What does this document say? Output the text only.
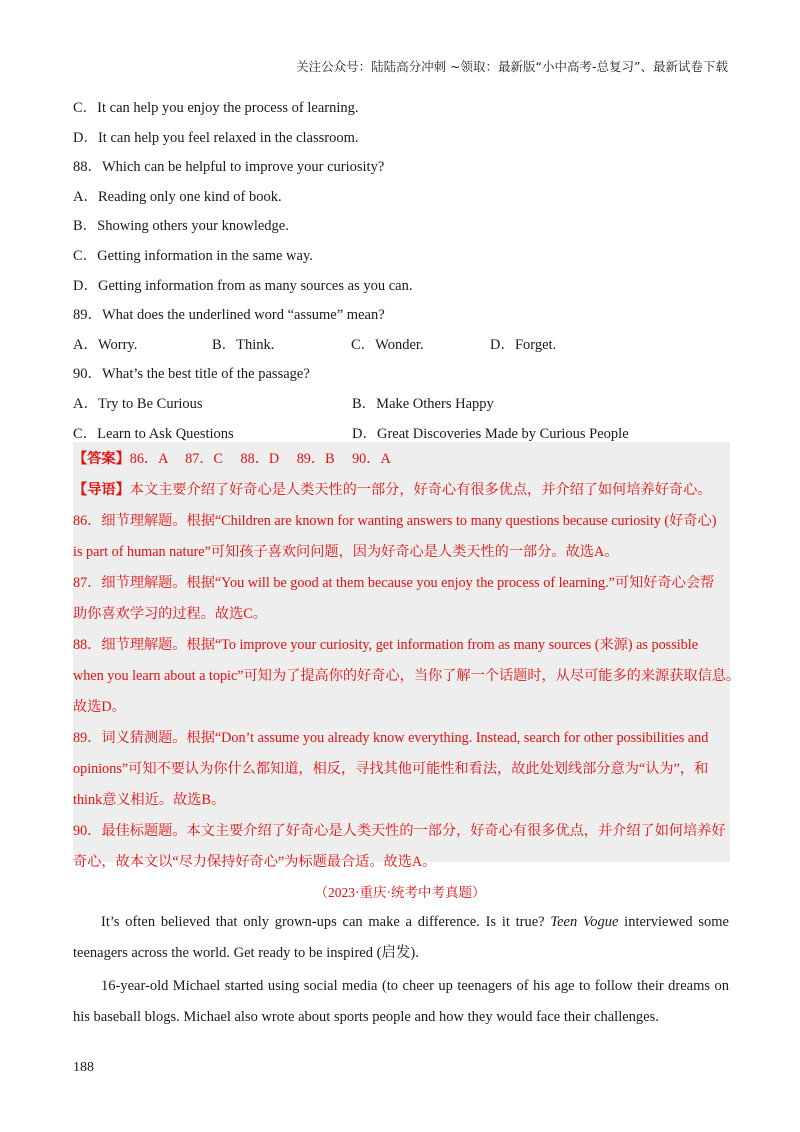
关注公众号：陆陆高分冲刺 ~领取：最新版“小中高考-总复习”、最新试卷下载
C．It can help you enjoy the process of learning.
D．It can help you feel relaxed in the classroom.
88．Which can be helpful to improve your curiosity?
A．Reading only one kind of book.
B．Showing others your knowledge.
C．Getting information in the same way.
D．Getting information from as many sources as you can.
89．What does the underlined word “assume” mean?
A．Worry.	B．Think.	C．Wonder.	D．Forget.
90．What’s the best title of the passage?
A．Try to Be Curious	B．Make Others Happy
C．Learn to Ask Questions	D．Great Discoveries Made by Curious People
【答案】86．A 87．C 88．D 89．B 90．A
【导语】本文主要介绍了好奇心是人类天性的一部分，好奇心有很多优点，并介绍了如何培养好奇心。
86．细节理解题。根据“Children are known for wanting answers to many questions because curiosity (好奇心)
is part of human nature”可知孩子喜欢问问题，因为好奇心是人类天性的一部分。故选A。
87．细节理解题。根据“You will be good at them because you enjoy the process of learning.”可知好奇心会帮
助你喜欢学习的过程。故选C。
88．细节理解题。根据“To improve your curiosity, get information from as many sources (来源) as possible
when you learn about a topic”可知为了提高你的好奇心，当你了解一个话题时，从尽可能多的来源获取信息。
故选D。
89．词义猜测题。根据“Don’t assume you already know everything. Instead, search for other possibilities and
opinions”可知不要认为你什么都知道，相反，寻找其他可能性和看法，故此处划线部分意为“认为”，和
think意义相近。故选B。
90．最佳标题题。本文主要介绍了好奇心是人类天性的一部分，好奇心有很多优点，并介绍了如何培养好
奇心，故本文以“尽力保持好奇心”为标题最合适。故选A。
（2023·重庆·统考中考真题）

It’s often believed that only grown-ups can make a difference. Is it true? Teen Vogue interviewed some teenagers across the world. Get ready to be inspired (启发).

16-year-old Michael started using social media (to cheer up teenagers of his age to follow their dreams on his baseball blogs. Michael also wrote about sports people and how they would face their challenges.

188
